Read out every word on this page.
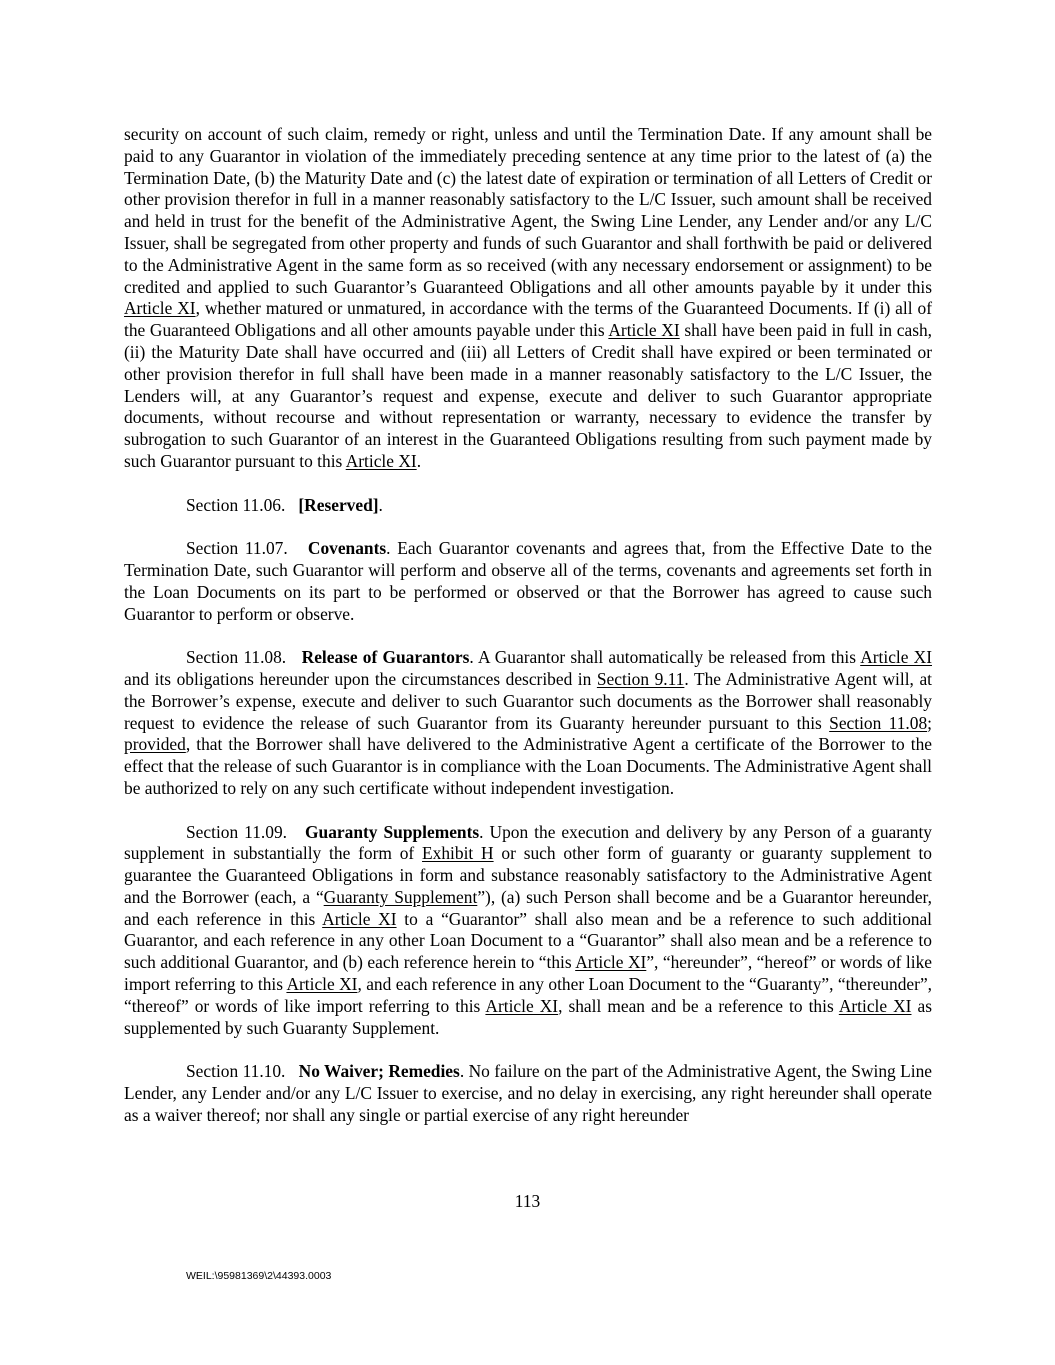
security on account of such claim, remedy or right, unless and until the Termination Date. If any amount shall be paid to any Guarantor in violation of the immediately preceding sentence at any time prior to the latest of (a) the Termination Date, (b) the Maturity Date and (c) the latest date of expiration or termination of all Letters of Credit or other provision therefor in full in a manner reasonably satisfactory to the L/C Issuer, such amount shall be received and held in trust for the benefit of the Administrative Agent, the Swing Line Lender, any Lender and/or any L/C Issuer, shall be segregated from other property and funds of such Guarantor and shall forthwith be paid or delivered to the Administrative Agent in the same form as so received (with any necessary endorsement or assignment) to be credited and applied to such Guarantor’s Guaranteed Obligations and all other amounts payable by it under this Article XI, whether matured or unmatured, in accordance with the terms of the Guaranteed Documents. If (i) all of the Guaranteed Obligations and all other amounts payable under this Article XI shall have been paid in full in cash, (ii) the Maturity Date shall have occurred and (iii) all Letters of Credit shall have expired or been terminated or other provision therefor in full shall have been made in a manner reasonably satisfactory to the L/C Issuer, the Lenders will, at any Guarantor’s request and expense, execute and deliver to such Guarantor appropriate documents, without recourse and without representation or warranty, necessary to evidence the transfer by subrogation to such Guarantor of an interest in the Guaranteed Obligations resulting from such payment made by such Guarantor pursuant to this Article XI.

Section 11.06. [Reserved].

Section 11.07. Covenants. Each Guarantor covenants and agrees that, from the Effective Date to the Termination Date, such Guarantor will perform and observe all of the terms, covenants and agreements set forth in the Loan Documents on its part to be performed or observed or that the Borrower has agreed to cause such Guarantor to perform or observe.

Section 11.08. Release of Guarantors. A Guarantor shall automatically be released from this Article XI and its obligations hereunder upon the circumstances described in Section 9.11. The Administrative Agent will, at the Borrower’s expense, execute and deliver to such Guarantor such documents as the Borrower shall reasonably request to evidence the release of such Guarantor from its Guaranty hereunder pursuant to this Section 11.08; provided, that the Borrower shall have delivered to the Administrative Agent a certificate of the Borrower to the effect that the release of such Guarantor is in compliance with the Loan Documents. The Administrative Agent shall be authorized to rely on any such certificate without independent investigation.

Section 11.09. Guaranty Supplements. Upon the execution and delivery by any Person of a guaranty supplement in substantially the form of Exhibit H or such other form of guaranty or guaranty supplement to guarantee the Guaranteed Obligations in form and substance reasonably satisfactory to the Administrative Agent and the Borrower (each, a “Guaranty Supplement”), (a) such Person shall become and be a Guarantor hereunder, and each reference in this Article XI to a “Guarantor” shall also mean and be a reference to such additional Guarantor, and each reference in any other Loan Document to a “Guarantor” shall also mean and be a reference to such additional Guarantor, and (b) each reference herein to “this Article XI”, “hereunder”, “hereof” or words of like import referring to this Article XI, and each reference in any other Loan Document to the “Guaranty”, “thereunder”, “thereof” or words of like import referring to this Article XI, shall mean and be a reference to this Article XI as supplemented by such Guaranty Supplement.

Section 11.10. No Waiver; Remedies. No failure on the part of the Administrative Agent, the Swing Line Lender, any Lender and/or any L/C Issuer to exercise, and no delay in exercising, any right hereunder shall operate as a waiver thereof; nor shall any single or partial exercise of any right hereunder

113
WEIL:\95981369\2\44393.0003
